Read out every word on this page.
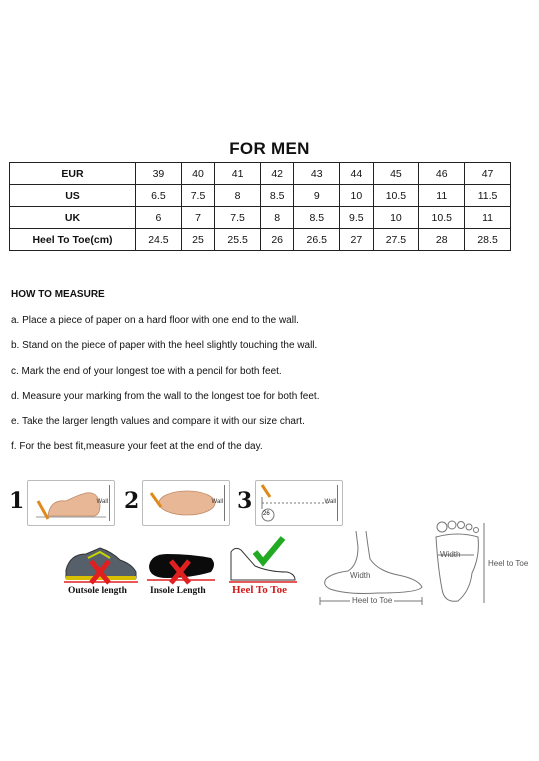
FOR MEN
EUR	39	40	41	42	43	44	45	46	47
US	6.5	7.5	8	8.5	9	10	10.5	11	11.5
UK	6	7	7.5	8	8.5	9.5	10	10.5	11
Heel To Toe(cm)	24.5	25	25.5	26	26.5	27	27.5	28	28.5
HOW TO MEASURE
a. Place a piece of paper on a hard floor with one end to the wall.
b. Stand on the piece of paper with the heel slightly touching the wall.
c. Mark the end of your longest toe with a pencil for both feet.
d. Measure your marking from the wall to the longest toe for both feet.
e. Take the larger length values and compare it with our size chart.
f. For the best fit,measure your feet at the end of the day.
1	Wall 2	Wall 3 26
Wall
Outsole length Insole Length Heel To Toe
Width
Heel to Toe
Width
Heel to Toe
